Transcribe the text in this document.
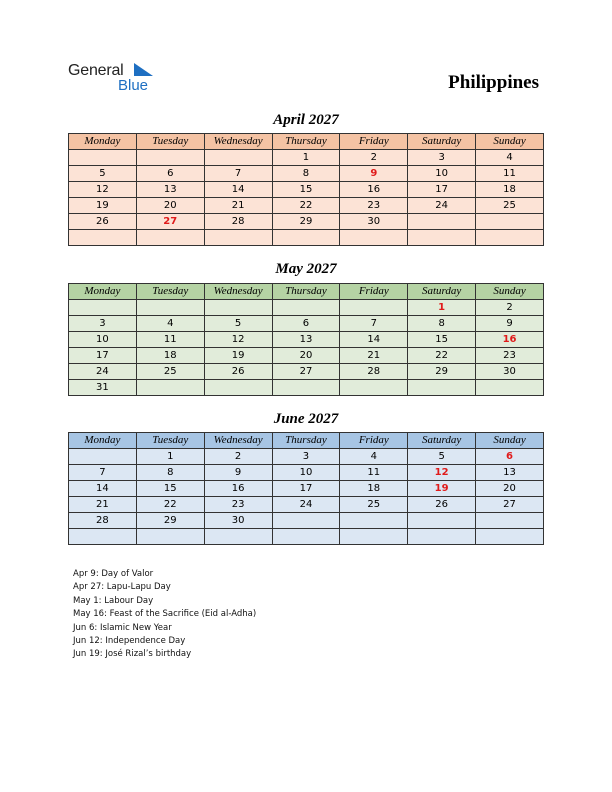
General
Blue	Philippines
April 2027
Monday	Tuesday	Wednesday	Thursday	Friday	Saturday	Sunday
			1	2	3	4
5	6	7	8	9	10	11
12	13	14	15	16	17	18
19	20	21	22	23	24	25
26	27	28	29	30		

May 2027
Monday	Tuesday	Wednesday	Thursday	Friday	Saturday	Sunday
					1	2
3	4	5	6	7	8	9
10	11	12	13	14	15	16
17	18	19	20	21	22	23
24	25	26	27	28	29	30
31						
June 2027
Monday	Tuesday	Wednesday	Thursday	Friday	Saturday	Sunday
	1	2	3	4	5	6
7	8	9	10	11	12	13
14	15	16	17	18	19	20
21	22	23	24	25	26	27
28	29	30				

Apr 9: Day of Valor
Apr 27: Lapu-Lapu Day
May 1: Labour Day
May 16: Feast of the Sacrifice (Eid al-Adha)
Jun 6: Islamic New Year
Jun 12: Independence Day
Jun 19: José Rizal’s birthday
